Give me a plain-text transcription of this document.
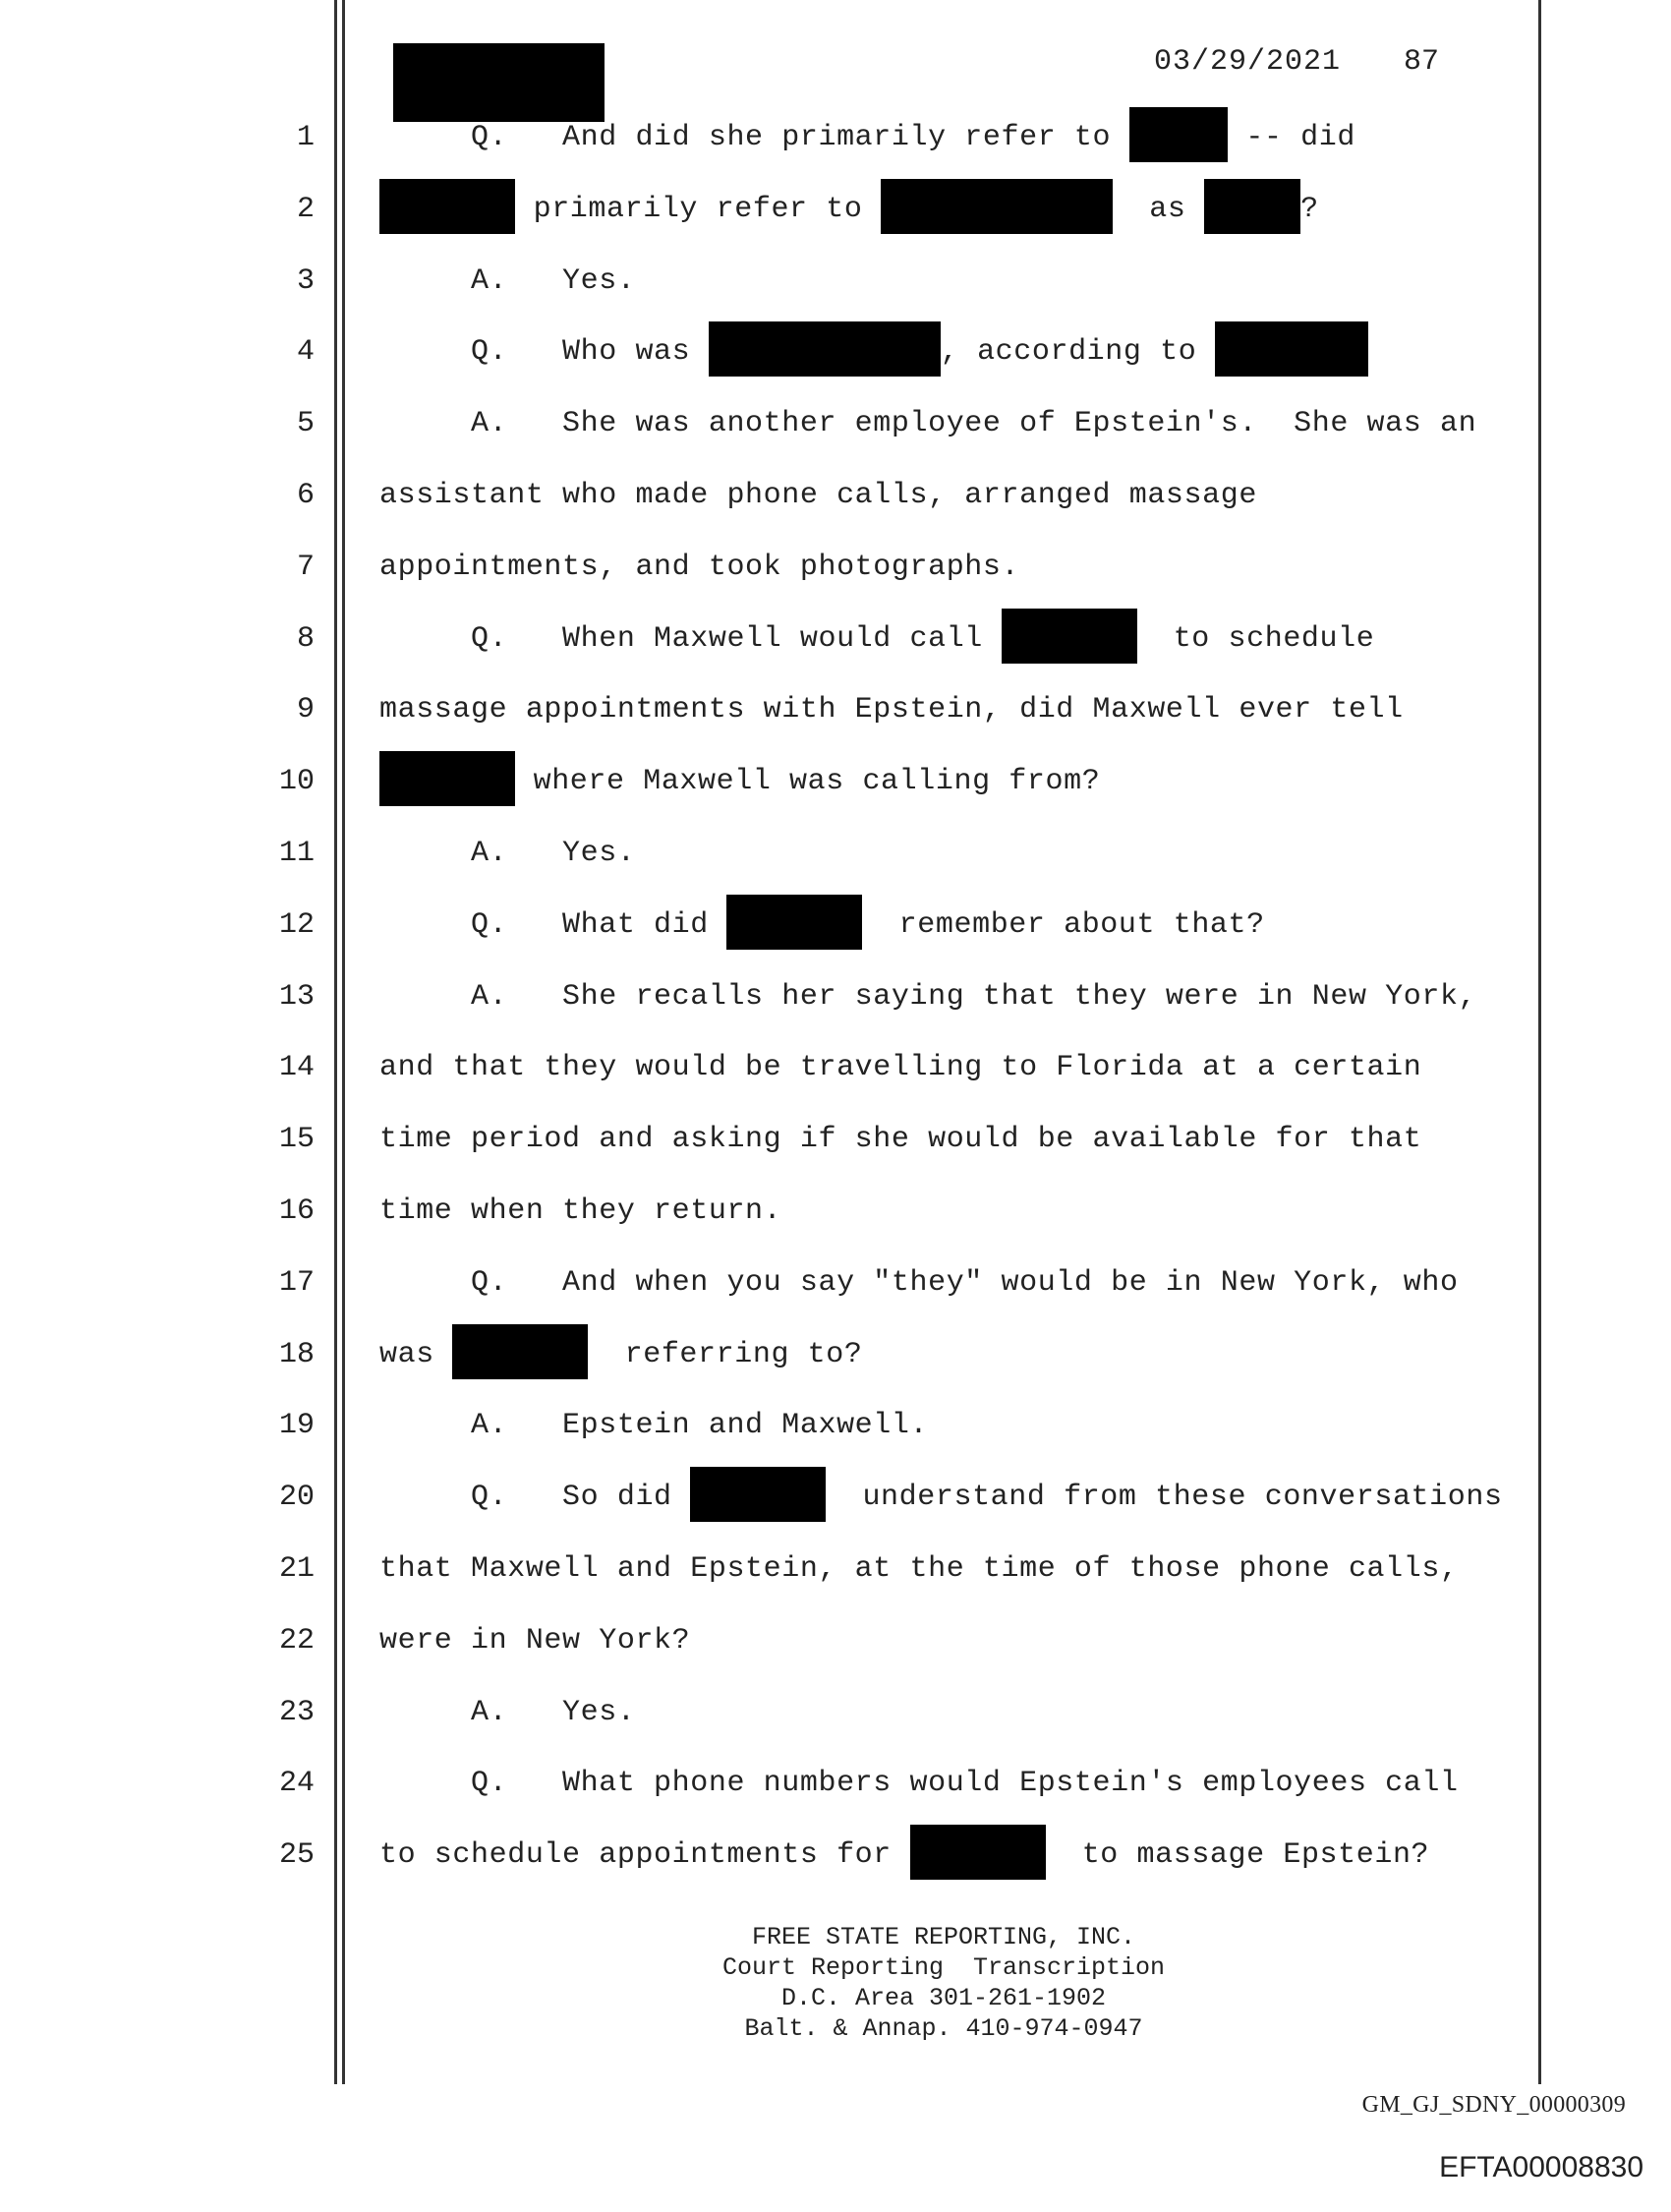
03/29/2021 87
1 Q.   And did she primarily refer to	-- did
2	primarily refer to	as	?
3 A.   Yes.
4 Q.   Who was	, according to
5 A.   She was another employee of Epstein's.  She was an
6 assistant who made phone calls, arranged massage
7 appointments, and took photographs.
8 Q.   When Maxwell would call	to schedule
9 massage appointments with Epstein, did Maxwell ever tell
10	where Maxwell was calling from?
11 A.   Yes.
12 Q.   What did	remember about that?
13 A.   She recalls her saying that they were in New York,
14 and that they would be travelling to Florida at a certain
15 time period and asking if she would be available for that
16 time when they return.
17 Q.   And when you say "they" would be in New York, who
18 was	referring to?
19 A.   Epstein and Maxwell.
20 Q.   So did	understand from these conversations
21 that Maxwell and Epstein, at the time of those phone calls,
22 were in New York?
23 A.   Yes.
24 Q.   What phone numbers would Epstein's employees call
25 to schedule appointments for	to massage Epstein?
FREE STATE REPORTING, INC.
Court Reporting  Transcription
D.C. Area 301-261-1902
Balt. & Annap. 410-974-0947
GM_GJ_SDNY_00000309
EFTA00008830
